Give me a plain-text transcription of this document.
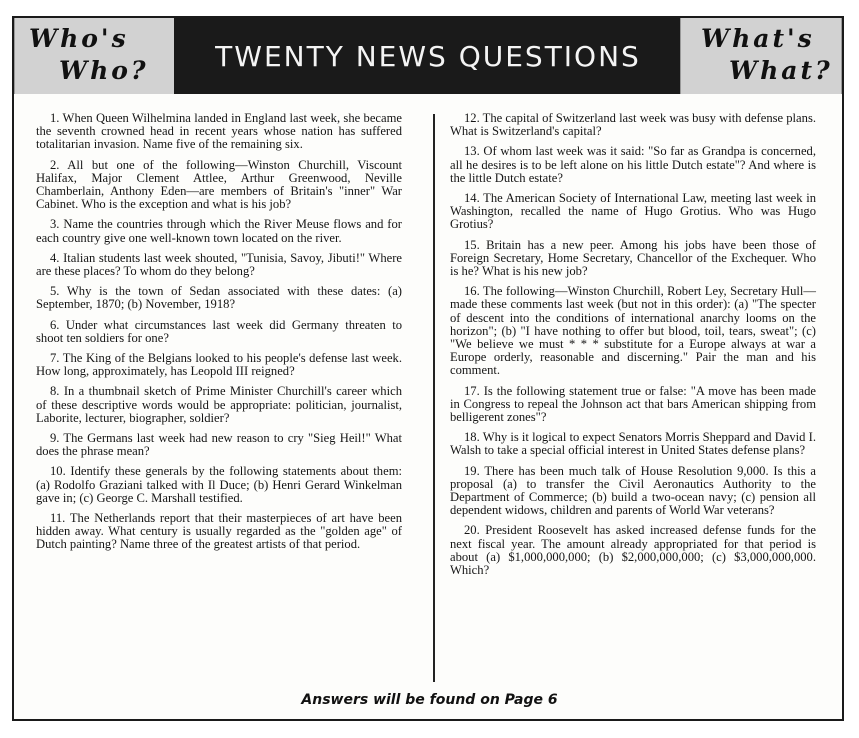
Who's
Who? TWENTY NEWS QUESTIONS
What's
What?

1. When Queen Wilhelmina landed in England last week, she became the seventh crowned head in recent years whose nation has suffered totalitarian invasion. Name five of the remaining six.

2. All but one of the following—Winston Churchill, Viscount Halifax, Major Clement Attlee, Arthur Greenwood, Neville Chamberlain, Anthony Eden—are members of Britain's "inner" War Cabinet. Who is the exception and what is his job?

3. Name the countries through which the River Meuse flows and for each country give one well-known town located on the river.

4. Italian students last week shouted, "Tunisia, Savoy, Jibuti!" Where are these places? To whom do they belong?

5. Why is the town of Sedan associated with these dates: (a) September, 1870; (b) November, 1918?

6. Under what circumstances last week did Germany threaten to shoot ten soldiers for one?

7. The King of the Belgians looked to his people's defense last week. How long, approximately, has Leopold III reigned?

8. In a thumbnail sketch of Prime Minister Churchill's career which of these descriptive words would be appropriate: politician, journalist, Laborite, lecturer, biographer, soldier?

9. The Germans last week had new reason to cry "Sieg Heil!" What does the phrase mean?

10. Identify these generals by the following statements about them: (a) Rodolfo Graziani talked with Il Duce; (b) Henri Gerard Winkelman gave in; (c) George C. Marshall testified.

11. The Netherlands report that their masterpieces of art have been hidden away. What century is usually regarded as the "golden age" of Dutch painting? Name three of the greatest artists of that period.

12. The capital of Switzerland last week was busy with defense plans. What is Switzerland's capital?

13. Of whom last week was it said: "So far as Grandpa is concerned, all he desires is to be left alone on his little Dutch estate"? And where is the little Dutch estate?

14. The American Society of International Law, meeting last week in Washington, recalled the name of Hugo Grotius. Who was Hugo Grotius?

15. Britain has a new peer. Among his jobs have been those of Foreign Secretary, Home Secretary, Chancellor of the Exchequer. Who is he? What is his new job?

16. The following—Winston Churchill, Robert Ley, Secretary Hull—made these comments last week (but not in this order): (a) "The specter of descent into the conditions of international anarchy looms on the horizon"; (b) "I have nothing to offer but blood, toil, tears, sweat"; (c) "We believe we must * * * substitute for a Europe always at war a Europe orderly, reasonable and discerning." Pair the man and his comment.

17. Is the following statement true or false: "A move has been made in Congress to repeal the Johnson act that bars American shipping from belligerent zones"?

18. Why is it logical to expect Senators Morris Sheppard and David I. Walsh to take a special official interest in United States defense plans?

19. There has been much talk of House Resolution 9,000. Is this a proposal (a) to transfer the Civil Aeronautics Authority to the Department of Commerce; (b) build a two-ocean navy; (c) pension all dependent widows, children and parents of World War veterans?

20. President Roosevelt has asked increased defense funds for the next fiscal year. The amount already appropriated for that period is about (a) $1,000,000,000; (b) $2,000,000,000; (c) $3,000,000,000. Which?

Answers will be found on Page 6
